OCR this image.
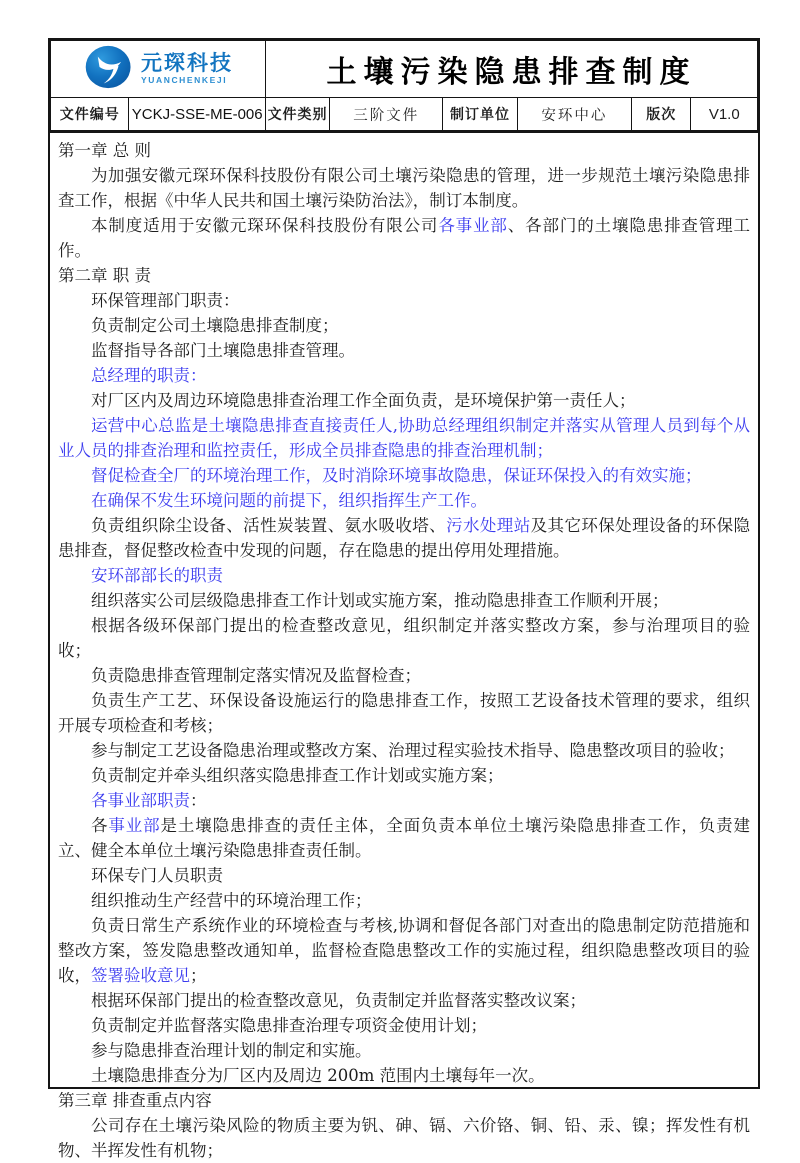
元琛科技
YUANCHENKEJI		土壤污染隐患排查制度					
文件编号	YCKJ-SSE-ME-006	文件类别	三阶文件	制订单位	安环中心	版次	V1.0

第一章 总 则

为加强安徽元琛环保科技股份有限公司土壤污染隐患的管理，进一步规范土壤污染隐患排查工作，根据《中华人民共和国土壤污染防治法》，制订本制度。

本制度适用于安徽元琛环保科技股份有限公司各事业部、各部门的土壤隐患排查管理工作。

第二章 职 责

环保管理部门职责：

负责制定公司土壤隐患排查制度；

监督指导各部门土壤隐患排查管理。

总经理的职责：

对厂区内及周边环境隐患排查治理工作全面负责，是环境保护第一责任人；

运营中心总监是土壤隐患排查直接责任人,协助总经理组织制定并落实从管理人员到每个从业人员的排查治理和监控责任，形成全员排查隐患的排查治理机制；

督促检查全厂的环境治理工作，及时消除环境事故隐患，保证环保投入的有效实施；

在确保不发生环境问题的前提下，组织指挥生产工作。

负责组织除尘设备、活性炭装置、氨水吸收塔、污水处理站及其它环保处理设备的环保隐患排查，督促整改检查中发现的问题，存在隐患的提出停用处理措施。

安环部部长的职责

组织落实公司层级隐患排查工作计划或实施方案，推动隐患排查工作顺利开展；

根据各级环保部门提出的检查整改意见，组织制定并落实整改方案，参与治理项目的验收；

负责隐患排查管理制定落实情况及监督检查；

负责生产工艺、环保设备设施运行的隐患排查工作，按照工艺设备技术管理的要求，组织开展专项检查和考核；

参与制定工艺设备隐患治理或整改方案、治理过程实验技术指导、隐患整改项目的验收；

负责制定并牵头组织落实隐患排查工作计划或实施方案；

各事业部职责：

各事业部是土壤隐患排查的责任主体，全面负责本单位土壤污染隐患排查工作，负责建立、健全本单位土壤污染隐患排查责任制。

环保专门人员职责

组织推动生产经营中的环境治理工作；

负责日常生产系统作业的环境检查与考核,协调和督促各部门对查出的隐患制定防范措施和整改方案，签发隐患整改通知单，监督检查隐患整改工作的实施过程，组织隐患整改项目的验收，签署验收意见；

根据环保部门提出的检查整改意见，负责制定并监督落实整改议案；

负责制定并监督落实隐患排查治理专项资金使用计划；

参与隐患排查治理计划的制定和实施。

土壤隐患排查分为厂区内及周边 200m 范围内土壤每年一次。

第三章 排查重点内容

公司存在土壤污染风险的物质主要为钒、砷、镉、六价铬、铜、铅、汞、镍；挥发性有机物、半挥发性有机物；
